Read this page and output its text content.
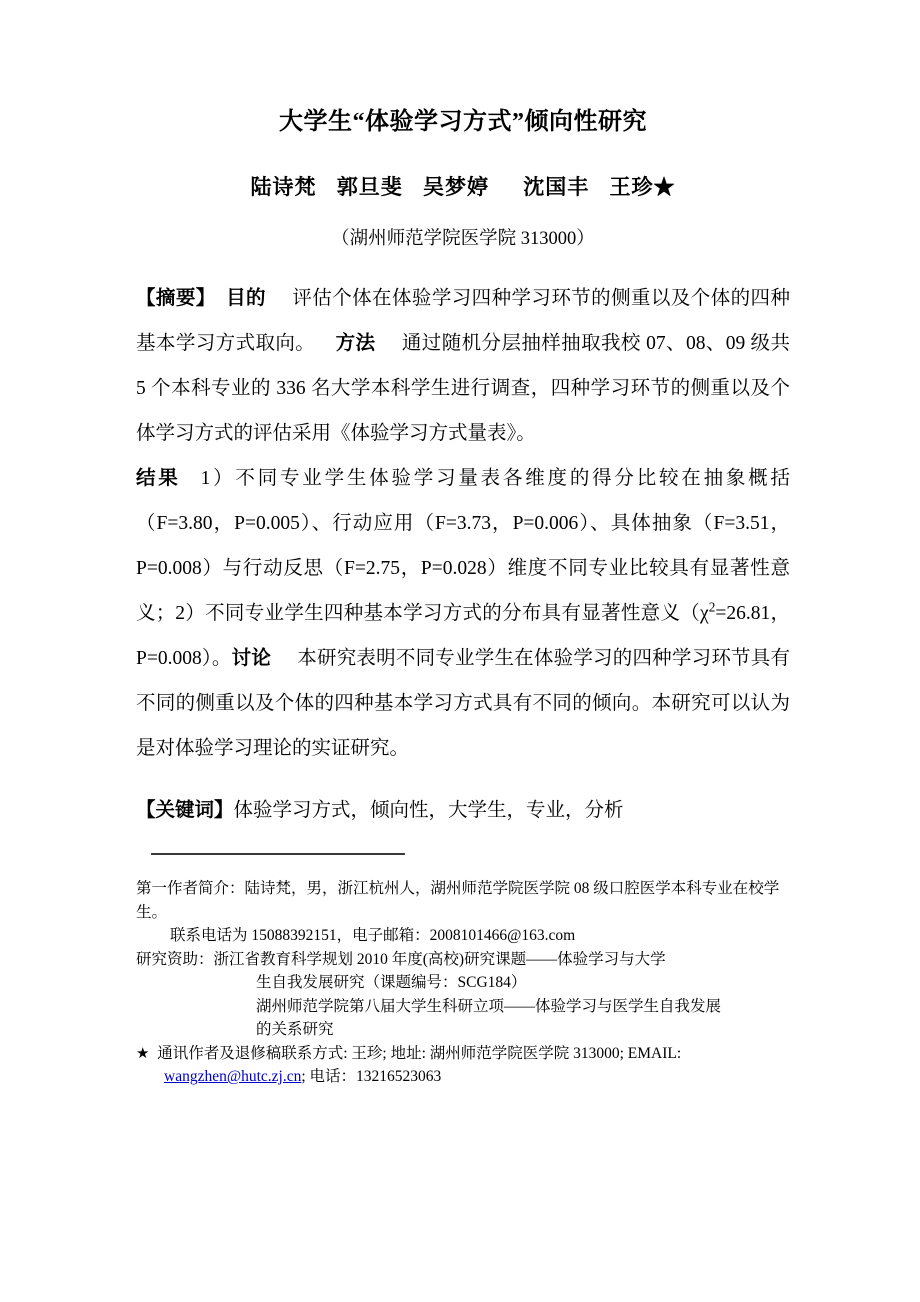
大学生“体验学习方式”倾向性研究
陆诗梵 郭旦斐 吴梦婷 沈国丰 王珍★
（湖州师范学院医学院 313000）

【摘要】 目的 评估个体在体验学习四种学习环节的侧重以及个体的四种基本学习方式取向。 方法 通过随机分层抽样抽取我校 07、08、09 级共 5 个本科专业的 336 名大学本科学生进行调查，四种学习环节的侧重以及个体学习方式的评估采用《体验学习方式量表》。

结果 1）不同专业学生体验学习量表各维度的得分比较在抽象概括（F=3.80，P=0.005）、行动应用（F=3.73，P=0.006）、具体抽象（F=3.51，P=0.008）与行动反思（F=2.75，P=0.028）维度不同专业比较具有显著性意义；2）不同专业学生四种基本学习方式的分布具有显著性意义（$\chi^2=26.81$， P=0.008）。讨论 本研究表明不同专业学生在体验学习的四种学习环节具有不同的侧重以及个体的四种基本学习方式具有不同的倾向。本研究可以认为是对体验学习理论的实证研究。

【关键词】体验学习方式，倾向性，大学生，专业，分析

第一作者简介：陆诗梵，男，浙江杭州人，湖州师范学院医学院 08 级口腔医学本科专业在校学生。

联系电话为 15088392151，电子邮箱：2008101466@163.com

研究资助：浙江省教育科学规划 2010 年度(高校)研究课题——体验学习与大学
生自我发展研究（课题编号：SCG184）
湖州师范学院第八届大学生科研立项——体验学习与医学生自我发展
的关系研究

★ 通讯作者及退修稿联系方式: 王珍; 地址: 湖州师范学院医学院 313000; EMAIL:
wangzhen@hutc.zj.cn; 电话：13216523063
